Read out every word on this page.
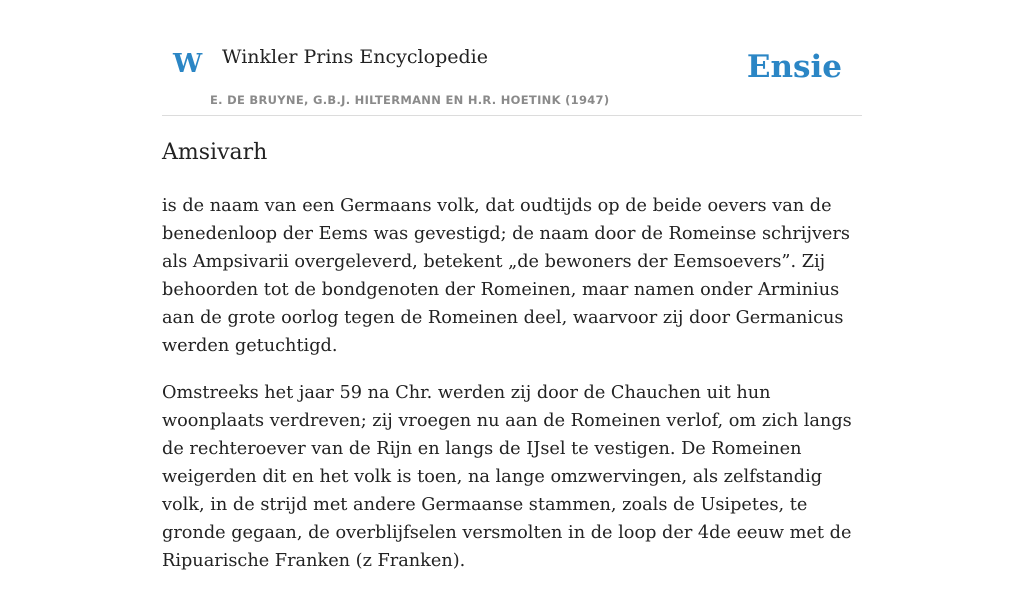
W Winkler Prins Encyclopedie
E. DE BRUYNE, G.B.J. HILTERMANN EN H.R. HOETINK (1947)
Ensie
Amsivarh

is de naam van een Germaans volk, dat oudtijds op de beide oevers van de benedenloop der Eems was gevestigd; de naam door de Romeinse schrijvers als Ampsivarii overgeleverd, betekent „de bewoners der Eemsoevers”. Zij behoorden tot de bondgenoten der Romeinen, maar namen onder Arminius aan de grote oorlog tegen de Romeinen deel, waarvoor zij door Germanicus werden getuchtigd.

Omstreeks het jaar 59 na Chr. werden zij door de Chauchen uit hun woonplaats verdreven; zij vroegen nu aan de Romeinen verlof, om zich langs de rechteroever van de Rijn en langs de IJsel te vestigen. De Romeinen weigerden dit en het volk is toen, na lange omzwervingen, als zelfstandig volk, in de strijd met andere Germaanse stammen, zoals de Usipetes, te gronde gegaan, de overblijfselen versmolten in de loop der 4de eeuw met de Ripuarische Franken (z Franken).
